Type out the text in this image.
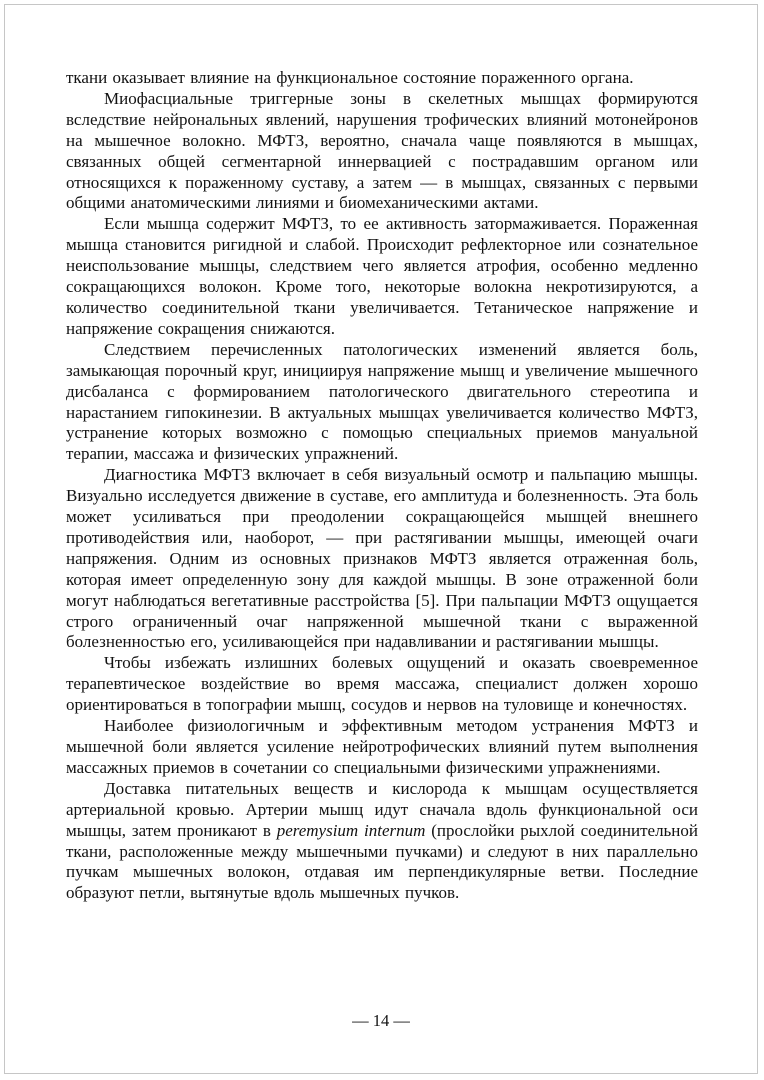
ткани оказывает влияние на функциональное состояние пораженного органа.

Миофасциальные триггерные зоны в скелетных мышцах формируются вследствие нейрональных явлений, нарушения трофических влияний мотонейронов на мышечное волокно. МФТЗ, вероятно, сначала чаще появляются в мышцах, связанных общей сегментарной иннервацией с пострадавшим органом или относящихся к пораженному суставу, а затем — в мышцах, связанных с первыми общими анатомическими линиями и биомеханическими актами.

Если мышца содержит МФТЗ, то ее активность затормаживается. Пораженная мышца становится ригидной и слабой. Происходит рефлекторное или сознательное неиспользование мышцы, следствием чего является атрофия, особенно медленно сокращающихся волокон. Кроме того, некоторые волокна некротизируются, а количество соединительной ткани увеличивается. Тетаническое напряжение и напряжение сокращения снижаются.

Следствием перечисленных патологических изменений является боль, замыкающая порочный круг, инициируя напряжение мышц и увеличение мышечного дисбаланса с формированием патологического двигательного стереотипа и нарастанием гипокинезии. В актуальных мышцах увеличивается количество МФТЗ, устранение которых возможно с помощью специальных приемов мануальной терапии, массажа и физических упражнений.

Диагностика МФТЗ включает в себя визуальный осмотр и пальпацию мышцы. Визуально исследуется движение в суставе, его амплитуда и болезненность. Эта боль может усиливаться при преодолении сокращающейся мышцей внешнего противодействия или, наоборот, — при растягивании мышцы, имеющей очаги напряжения. Одним из основных признаков МФТЗ является отраженная боль, которая имеет определенную зону для каждой мышцы. В зоне отраженной боли могут наблюдаться вегетативные расстройства [5]. При пальпации МФТЗ ощущается строго ограниченный очаг напряженной мышечной ткани с выраженной болезненностью его, усиливающейся при надавливании и растягивании мышцы.

Чтобы избежать излишних болевых ощущений и оказать своевременное терапевтическое воздействие во время массажа, специалист должен хорошо ориентироваться в топографии мышц, сосудов и нервов на туловище и конечностях.

Наиболее физиологичным и эффективным методом устранения МФТЗ и мышечной боли является усиление нейротрофических влияний путем выполнения массажных приемов в сочетании со специальными физическими упражнениями.

Доставка питательных веществ и кислорода к мышцам осуществляется артериальной кровью. Артерии мышц идут сначала вдоль функциональной оси мышцы, затем проникают в peremysium internum (прослойки рыхлой соединительной ткани, расположенные между мышечными пучками) и следуют в них параллельно пучкам мышечных волокон, отдавая им перпендикулярные ветви. Последние образуют петли, вытянутые вдоль мышечных пучков.

— 14 —
